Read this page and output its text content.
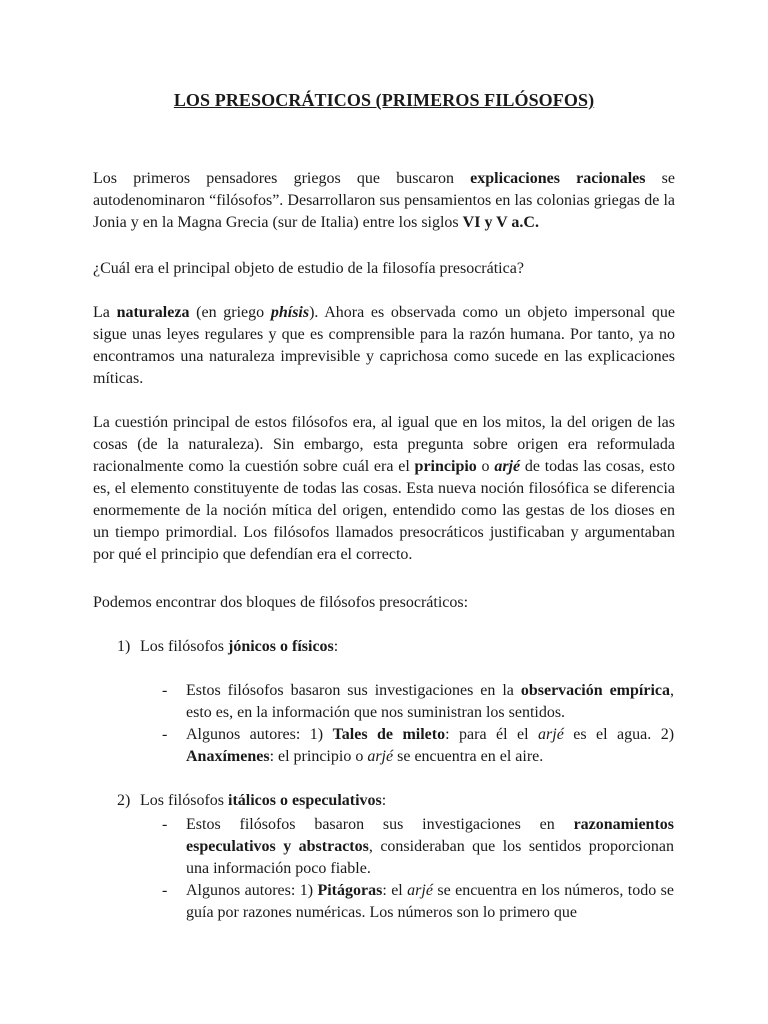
LOS PRESOCRÁTICOS (PRIMEROS FILÓSOFOS)

Los primeros pensadores griegos que buscaron explicaciones racionales se autodenominaron “filósofos”. Desarrollaron sus pensamientos en las colonias griegas de la Jonia y en la Magna Grecia (sur de Italia) entre los siglos VI y V a.C.

¿Cuál era el principal objeto de estudio de la filosofía presocrática?

La naturaleza (en griego phísis). Ahora es observada como un objeto impersonal que sigue unas leyes regulares y que es comprensible para la razón humana. Por tanto, ya no encontramos una naturaleza imprevisible y caprichosa como sucede en las explicaciones míticas.

La cuestión principal de estos filósofos era, al igual que en los mitos, la del origen de las cosas (de la naturaleza). Sin embargo, esta pregunta sobre origen era reformulada racionalmente como la cuestión sobre cuál era el principio o arjé de todas las cosas, esto es, el elemento constituyente de todas las cosas. Esta nueva noción filosófica se diferencia enormemente de la noción mítica del origen, entendido como las gestas de los dioses en un tiempo primordial. Los filósofos llamados presocráticos justificaban y argumentaban por qué el principio que defendían era el correcto.

Podemos encontrar dos bloques de filósofos presocráticos:

1) Los filósofos jónicos o físicos:

- Estos filósofos basaron sus investigaciones en la observación empírica, esto es, en la información que nos suministran los sentidos.

- Algunos autores: 1) Tales de mileto: para él el arjé es el agua. 2) Anaxímenes: el principio o arjé se encuentra en el aire.

2) Los filósofos itálicos o especulativos:

- Estos filósofos basaron sus investigaciones en razonamientos especulativos y abstractos, consideraban que los sentidos proporcionan una información poco fiable.

- Algunos autores: 1) Pitágoras: el arjé se encuentra en los números, todo se guía por razones numéricas. Los números son lo primero que
